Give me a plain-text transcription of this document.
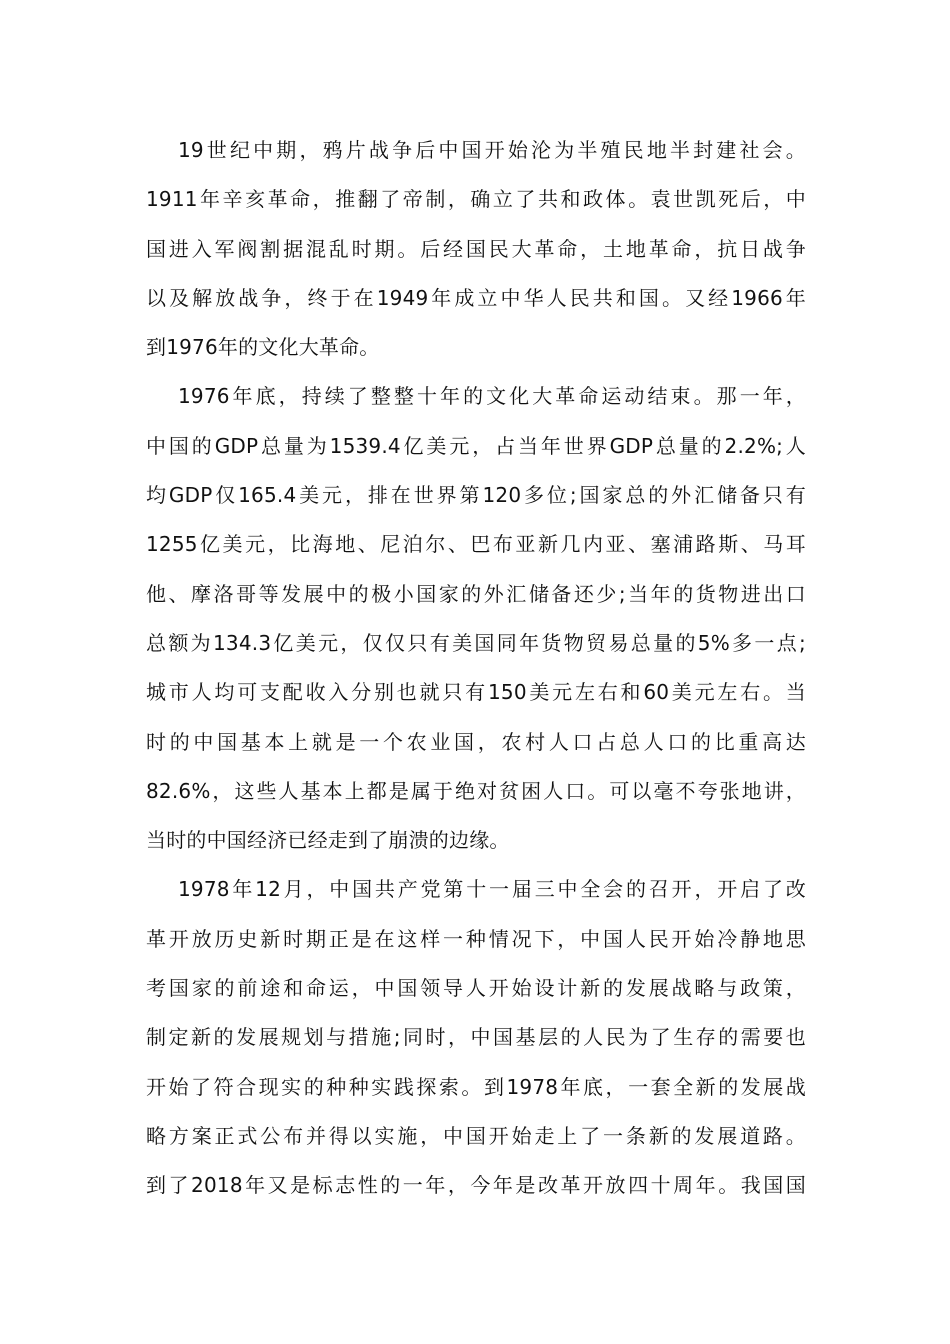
19世纪中期，鸦片战争后中国开始沦为半殖民地半封建社会。
1911年辛亥革命，推翻了帝制，确立了共和政体。袁世凯死后，中
国进入军阀割据混乱时期。后经国民大革命，土地革命，抗日战争
以及解放战争，终于在1949年成立中华人民共和国。又经1966年
到1976年的文化大革命。
1976年底，持续了整整十年的文化大革命运动结束。那一年，
中国的GDP总量为1539.4亿美元，占当年世界GDP总量的2.2%;人
均GDP仅165.4美元，排在世界第120多位;国家总的外汇储备只有
1255亿美元，比海地、尼泊尔、巴布亚新几内亚、塞浦路斯、马耳
他、摩洛哥等发展中的极小国家的外汇储备还少;当年的货物进出口
总额为134.3亿美元，仅仅只有美国同年货物贸易总量的5%多一点;
城市人均可支配收入分别也就只有150美元左右和60美元左右。当
时的中国基本上就是一个农业国，农村人口占总人口的比重高达
82.6%，这些人基本上都是属于绝对贫困人口。可以毫不夸张地讲，
当时的中国经济已经走到了崩溃的边缘。
1978年12月，中国共产党第十一届三中全会的召开，开启了改
革开放历史新时期正是在这样一种情况下，中国人民开始冷静地思
考国家的前途和命运，中国领导人开始设计新的发展战略与政策，
制定新的发展规划与措施;同时，中国基层的人民为了生存的需要也
开始了符合现实的种种实践探索。到1978年底，一套全新的发展战
略方案正式公布并得以实施，中国开始走上了一条新的发展道路。
到了2018年又是标志性的一年，今年是改革开放四十周年。我国国
